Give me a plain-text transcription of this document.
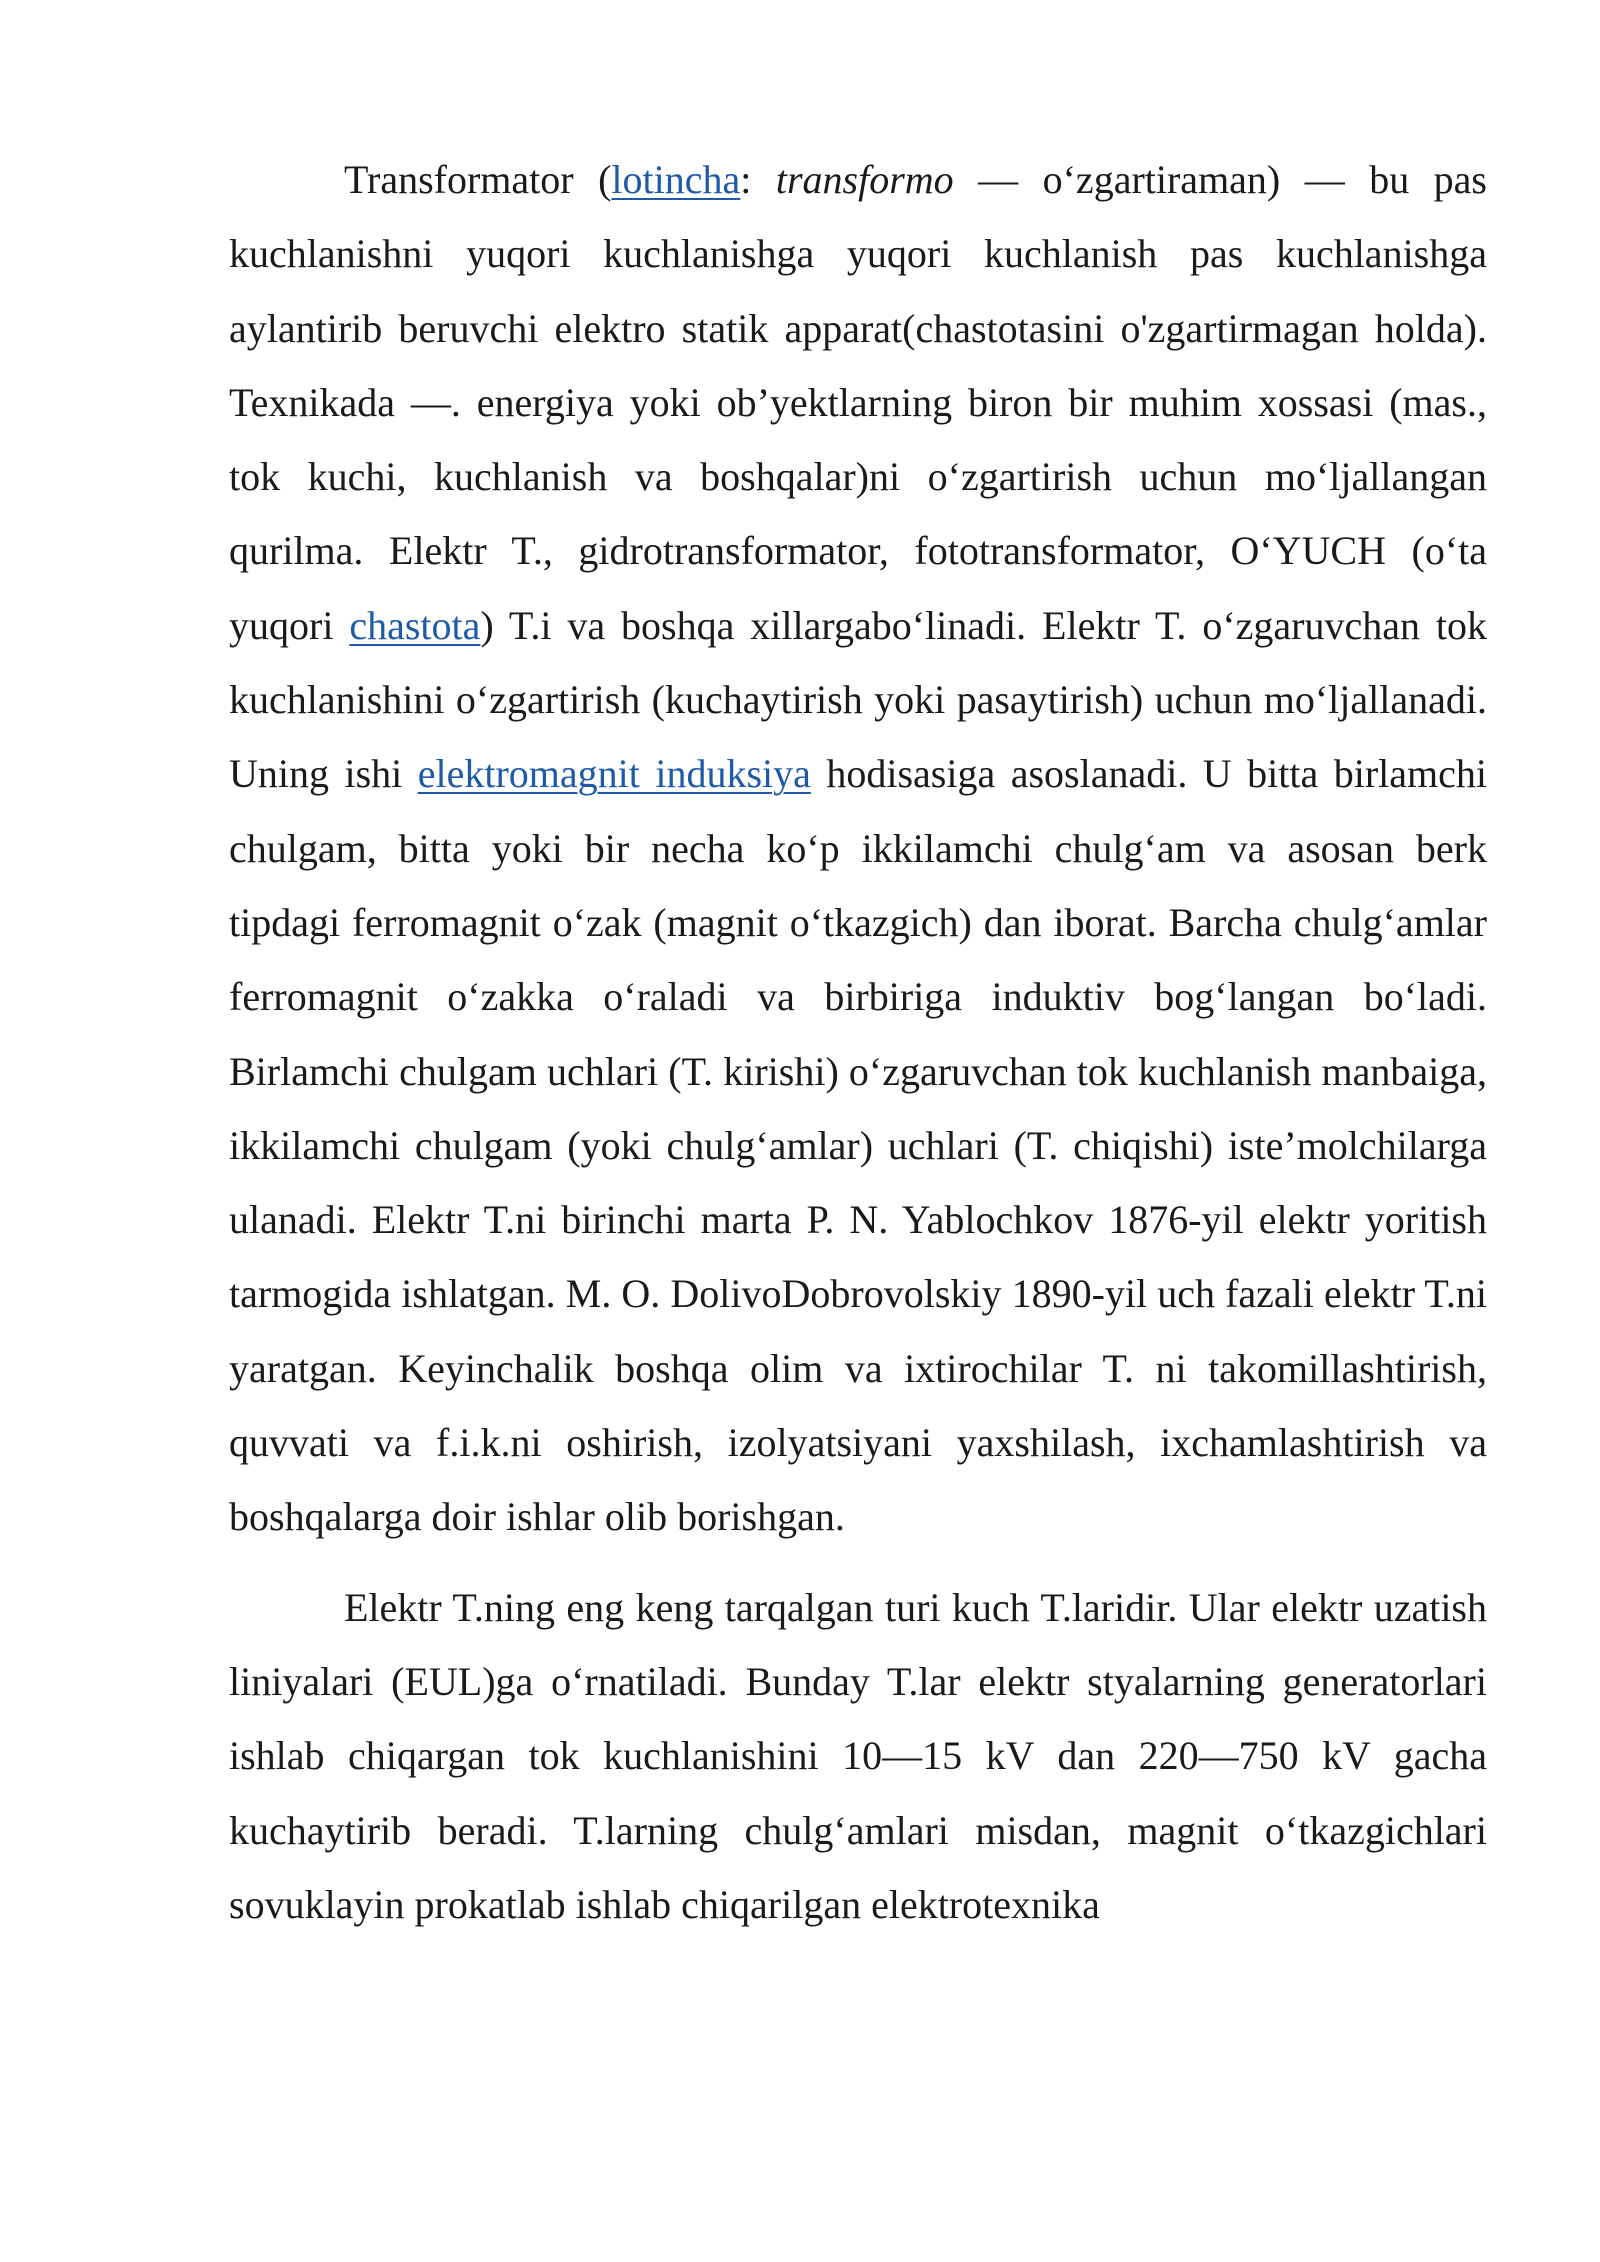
Transformator (lotincha: transformo — o‘zgartiraman) — bu pas kuchlanishni yuqori kuchlanishga yuqori kuchlanish pas kuchlanishga aylantirib beruvchi elektro statik apparat(chastotasini o'zgartirmagan holda). Texnikada —. energiya yoki ob’yektlarning biron bir muhim xossasi (mas., tok kuchi, kuchlanish va boshqalar)ni o‘zgartirish uchun mo‘ljallangan qurilma. Elektr T., gidrotransformator, fototransformator, O‘YUCH (o‘ta yuqori chastota) T.i va boshqa xillargabo‘linadi. Elektr T. o‘zgaruvchan tok kuchlanishini o‘zgartirish (kuchaytirish yoki pasaytirish) uchun mo‘ljallanadi. Uning ishi elektromagnit induksiya hodisasiga asoslanadi. U bitta birlamchi chulgam, bitta yoki bir necha ko‘p ikkilamchi chulg‘am va asosan berk tipdagi ferromagnit o‘zak (magnit o‘tkazgich) dan iborat. Barcha chulg‘amlar ferromagnit o‘zakka o‘raladi va birbiriga induktiv bog‘langan bo‘ladi. Birlamchi chulgam uchlari (T. kirishi) o‘zgaruvchan tok kuchlanish manbaiga, ikkilamchi chulgam (yoki chulg‘amlar) uchlari (T. chiqishi) iste’molchilarga ulanadi. Elektr T.ni birinchi marta P. N. Yablochkov 1876-yil elektr yoritish tarmogida ishlatgan. M. O. DolivoDobrovolskiy 1890-yil uch fazali elektr T.ni yaratgan. Keyinchalik boshqa olim va ixtirochilar T. ni takomillashtirish, quvvati va f.i.k.ni oshirish, izolyatsiyani yaxshilash, ixchamlashtirish va boshqalarga doir ishlar olib borishgan.

Elektr T.ning eng keng tarqalgan turi kuch T.laridir. Ular elektr uzatish liniyalari (EUL)ga o‘rnatiladi. Bunday T.lar elektr styalarning generatorlari ishlab chiqargan tok kuchlanishini 10—15 kV dan 220—750 kV gacha kuchaytirib beradi. T.larning chulg‘amlari misdan, magnit o‘tkazgichlari sovuklayin prokatlab ishlab chiqarilgan elektrotexnika
